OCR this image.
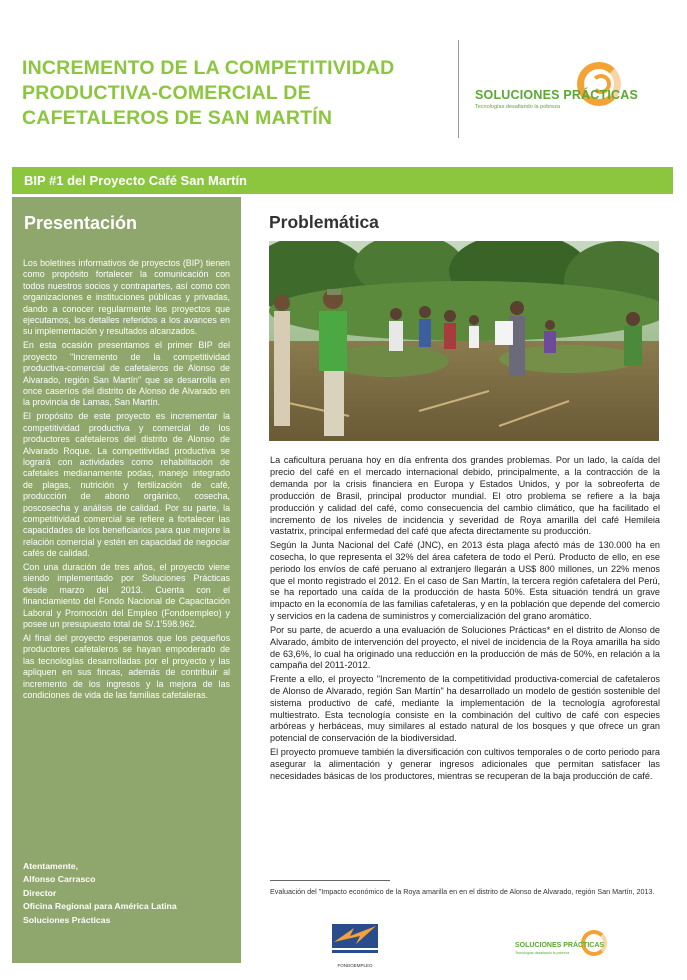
INCREMENTO DE LA COMPETITIVIDAD PRODUCTIVA-COMERCIAL DE CAFETALEROS DE SAN MARTÍN
SOLUCIONES PRÁCTICAS
Tecnologías desafiando la pobreza
BIP #1 del Proyecto Café San Martín
Presentación

Los boletines informativos de proyectos (BIP) tienen como propósito fortalecer la comunicación con todos nuestros socios y contrapartes, así como con organizaciones e instituciones públicas y privadas, dando a conocer regularmente los proyectos que ejecutamos, los detalles referidos a los avances en su implementación y resultados alcanzados.

En esta ocasión presentamos el primer BIP del proyecto "Incremento de la competitividad productiva-comercial de cafetaleros de Alonso de Alvarado, región San Martín" que se desarrolla en once caseríos del distrito de Alonso de Alvarado en la provincia de Lamas, San Martín.

El propósito de este proyecto es incrementar la competitividad productiva y comercial de los productores cafetaleros del distrito de Alonso de Alvarado Roque. La competitividad productiva se logrará con actividades como rehabilitación de cafetales medianamente podas, manejo integrado de plagas, nutrición y fertilización de café, producción de abono orgánico, cosecha, poscosecha y análisis de calidad. Por su parte, la competitividad comercial se refiere a fortalecer las capacidades de los beneficiarios para que mejore la relación comercial y estén en capacidad de negociar cafés de calidad.

Con una duración de tres años, el proyecto viene siendo implementado por Soluciones Prácticas desde marzo del 2013. Cuenta con el financiamiento del Fondo Nacional de Capacitación Laboral y Promoción del Empleo (Fondoempleo) y posee un presupuesto total de S/.1'598.962.

Al final del proyecto esperamos que los pequeños productores cafetaleros se hayan empoderado de las tecnologías desarrolladas por el proyecto y las apliquen en sus fincas, además de contribuir al incremento de los ingresos y la mejora de las condiciones de vida de las familias cafetaleras.

Atentamente,
Alfonso Carrasco
Director
Oficina Regional para América Latina
Soluciones Prácticas
Problemática

La caficultura peruana hoy en día enfrenta dos grandes problemas. Por un lado, la caída del precio del café en el mercado internacional debido, principalmente, a la contracción de la demanda por la crisis financiera en Europa y Estados Unidos, y por la sobreoferta de producción de Brasil, principal productor mundial. El otro problema se refiere a la baja producción y calidad del café, como consecuencia del cambio climático, que ha facilitado el incremento de los niveles de incidencia y severidad de Roya amarilla del café Hemileia vastatrix, principal enfermedad del café que afecta directamente su producción.

Según la Junta Nacional del Café (JNC), en 2013 ésta plaga afectó más de 130.000 ha en cosecha, lo que representa el 32% del área cafetera de todo el Perú. Producto de ello, en ese periodo los envíos de café peruano al extranjero llegarán a US$ 800 millones, un 22% menos que el monto registrado el 2012. En el caso de San Martín, la tercera región cafetalera del Perú, se ha reportado una caída de la producción de hasta 50%. Esta situación tendrá un grave impacto en la economía de las familias cafetaleras, y en la población que depende del comercio y servicios en la cadena de suministros y comercialización del grano aromático.

Por su parte, de acuerdo a una evaluación de Soluciones Prácticas* en el distrito de Alonso de Alvarado, ámbito de intervención del proyecto, el nivel de incidencia de la Roya amarilla ha sido de 63,6%, lo cual ha originado una reducción en la producción de más de 50%, en relación a la campaña del 2011-2012.

Frente a ello, el proyecto "Incremento de la competitividad productiva-comercial de cafetaleros de Alonso de Alvarado, región San Martín" ha desarrollado un modelo de gestión sostenible del sistema productivo de café, mediante la implementación de la tecnología agroforestal multiestrato. Esta tecnología consiste en la combinación del cultivo de café con especies arbóreas y herbáceas, muy similares al estado natural de los bosques y que ofrece un gran potencial de conservación de la biodiversidad.

El proyecto promueve también la diversificación con cultivos temporales o de corto periodo para asegurar la alimentación y generar ingresos adicionales que permitan satisfacer las necesidades básicas de los productores, mientras se recuperan de la baja producción de café.

Evaluación del "Impacto económico de la Roya amarilla en en el distrito de Alonso de Alvarado, región San Martín, 2013.
FONDOEMPLEO
SOLUCIONES PRÁCTICAS
Tecnologías desafiando la pobreza
